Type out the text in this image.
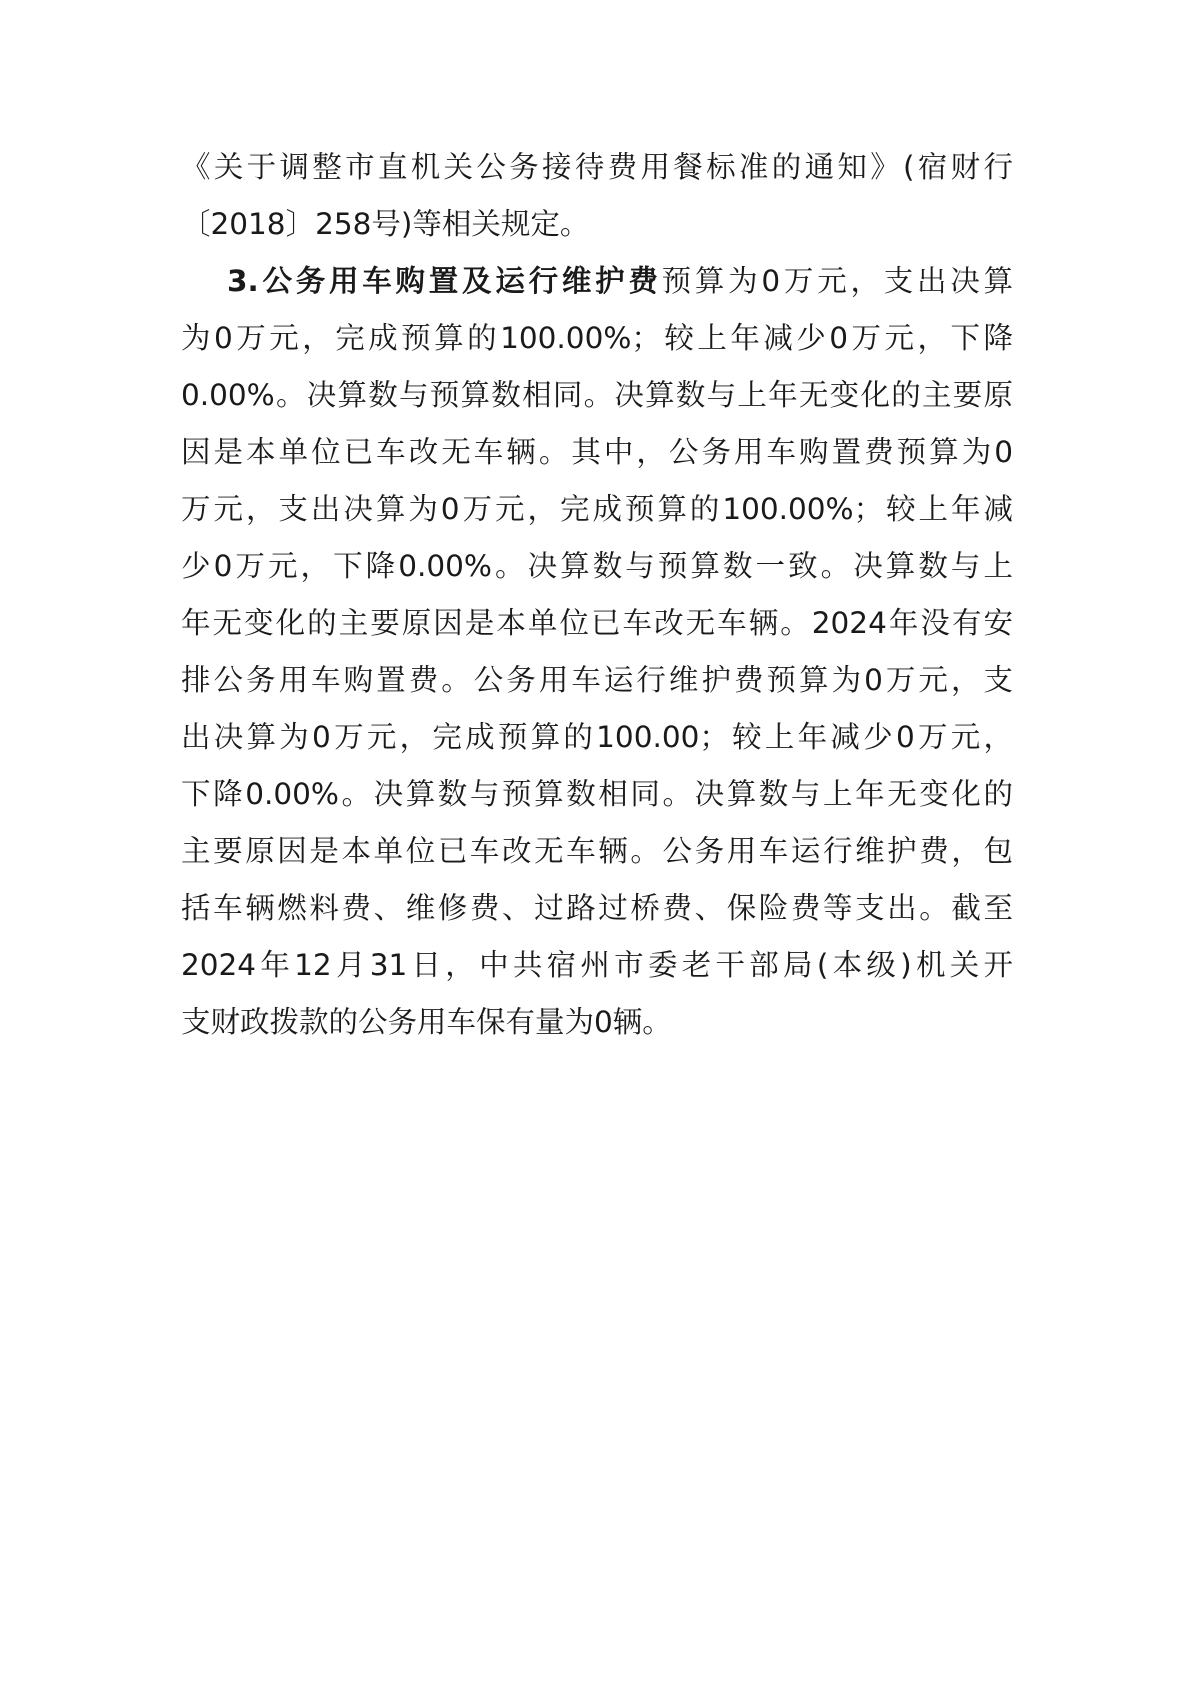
《关于调整市直机关公务接待费用餐标准的通知》(宿财行
〔2018〕258号)等相关规定。
3.公务用车购置及运行维护费预算为0万元，支出决算
为0万元，完成预算的100.00%；较上年减少0万元，下降
0.00%。决算数与预算数相同。决算数与上年无变化的主要原
因是本单位已车改无车辆。其中，公务用车购置费预算为0
万元，支出决算为0万元，完成预算的100.00%；较上年减
少0万元，下降0.00%。决算数与预算数一致。决算数与上
年无变化的主要原因是本单位已车改无车辆。2024年没有安
排公务用车购置费。公务用车运行维护费预算为0万元，支
出决算为0万元，完成预算的100.00；较上年减少0万元，
下降0.00%。决算数与预算数相同。决算数与上年无变化的
主要原因是本单位已车改无车辆。公务用车运行维护费，包
括车辆燃料费、维修费、过路过桥费、保险费等支出。截至
2024年12月31日，中共宿州市委老干部局(本级)机关开
支财政拨款的公务用车保有量为0辆。
